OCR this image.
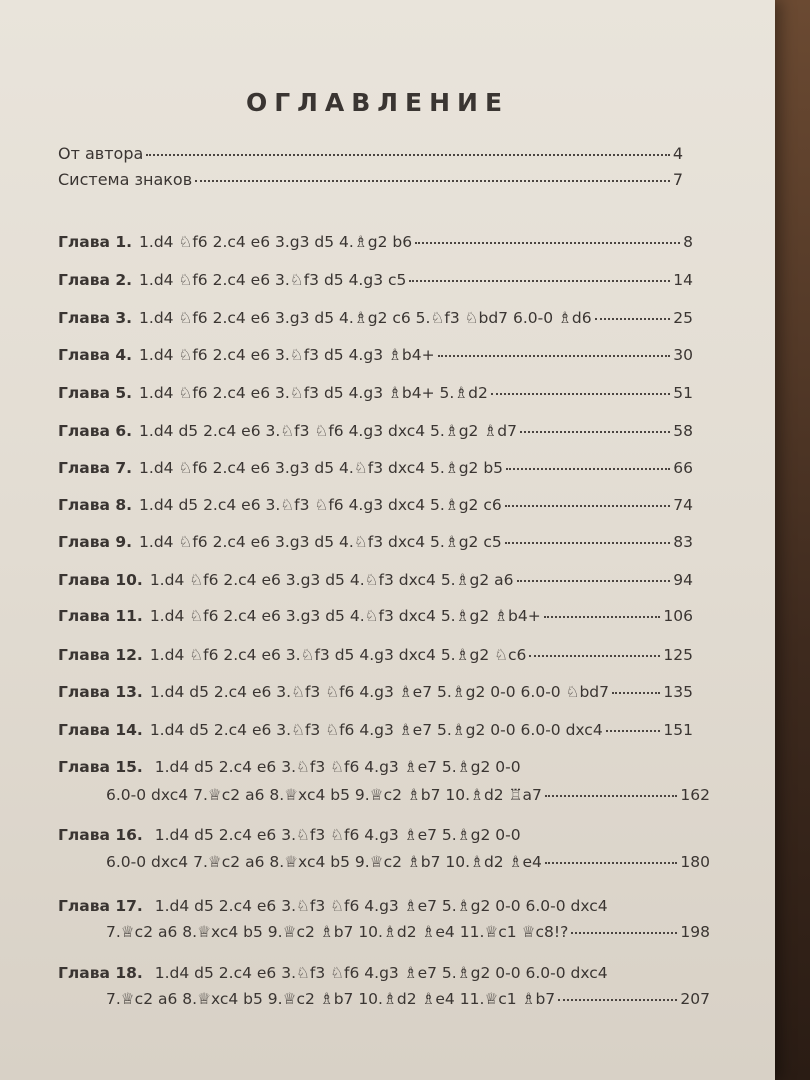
ОГЛАВЛЕНИЕ
От автора	4
Система знаков	7
Глава 1. 1.d4 ♘f6 2.c4 e6 3.g3 d5 4.♗g2 b6	8
Глава 2. 1.d4 ♘f6 2.c4 e6 3.♘f3 d5 4.g3 c5	14
Глава 3. 1.d4 ♘f6 2.c4 e6 3.g3 d5 4.♗g2 c6 5.♘f3 ♘bd7 6.0-0 ♗d6	25
Глава 4. 1.d4 ♘f6 2.c4 e6 3.♘f3 d5 4.g3 ♗b4+	30
Глава 5. 1.d4 ♘f6 2.c4 e6 3.♘f3 d5 4.g3 ♗b4+ 5.♗d2	51
Глава 6. 1.d4 d5 2.c4 e6 3.♘f3 ♘f6 4.g3 dxc4 5.♗g2 ♗d7	58
Глава 7. 1.d4 ♘f6 2.c4 e6 3.g3 d5 4.♘f3 dxc4 5.♗g2 b5	66
Глава 8. 1.d4 d5 2.c4 e6 3.♘f3 ♘f6 4.g3 dxc4 5.♗g2 c6	74
Глава 9. 1.d4 ♘f6 2.c4 e6 3.g3 d5 4.♘f3 dxc4 5.♗g2 c5	83
Глава 10. 1.d4 ♘f6 2.c4 e6 3.g3 d5 4.♘f3 dxc4 5.♗g2 a6	94
Глава 11. 1.d4 ♘f6 2.c4 e6 3.g3 d5 4.♘f3 dxc4 5.♗g2 ♗b4+	106
Глава 12. 1.d4 ♘f6 2.c4 e6 3.♘f3 d5 4.g3 dxc4 5.♗g2 ♘c6	125
Глава 13. 1.d4 d5 2.c4 e6 3.♘f3 ♘f6 4.g3 ♗e7 5.♗g2 0-0 6.0-0 ♘bd7	135
Глава 14. 1.d4 d5 2.c4 e6 3.♘f3 ♘f6 4.g3 ♗e7 5.♗g2 0-0 6.0-0 dxc4	151
Глава 15. 1.d4 d5 2.c4 e6 3.♘f3 ♘f6 4.g3 ♗e7 5.♗g2 0-0
6.0-0 dxc4 7.♕c2 a6 8.♕xc4 b5 9.♕c2 ♗b7 10.♗d2 ♖a7	162
Глава 16. 1.d4 d5 2.c4 e6 3.♘f3 ♘f6 4.g3 ♗e7 5.♗g2 0-0
6.0-0 dxc4 7.♕c2 a6 8.♕xc4 b5 9.♕c2 ♗b7 10.♗d2 ♗e4	180
Глава 17. 1.d4 d5 2.c4 e6 3.♘f3 ♘f6 4.g3 ♗e7 5.♗g2 0-0 6.0-0 dxc4
7.♕c2 a6 8.♕xc4 b5 9.♕c2 ♗b7 10.♗d2 ♗e4 11.♕c1 ♕c8!?	198
Глава 18. 1.d4 d5 2.c4 e6 3.♘f3 ♘f6 4.g3 ♗e7 5.♗g2 0-0 6.0-0 dxc4
7.♕c2 a6 8.♕xc4 b5 9.♕c2 ♗b7 10.♗d2 ♗e4 11.♕c1 ♗b7	207
